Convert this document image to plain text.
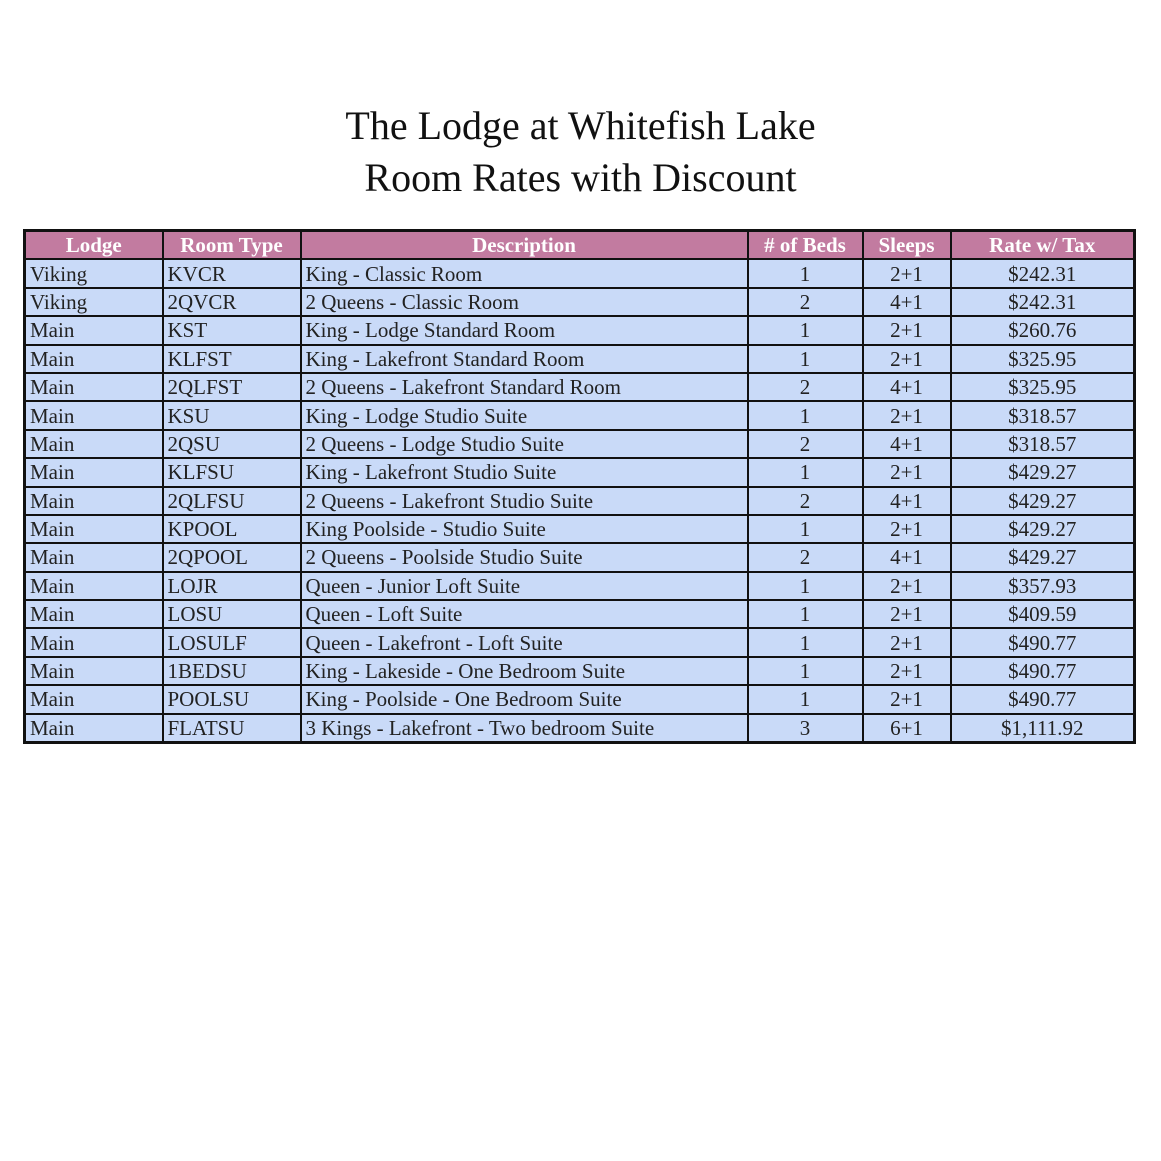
The Lodge at Whitefish Lake
Room Rates with Discount
Lodge	Room Type	Description	# of Beds	Sleeps	Rate w/ Tax
Viking	KVCR	King - Classic Room	1	2+1	$242.31
Viking	2QVCR	2 Queens - Classic Room	2	4+1	$242.31
Main	KST	King - Lodge Standard Room	1	2+1	$260.76
Main	KLFST	King - Lakefront Standard Room	1	2+1	$325.95
Main	2QLFST	2 Queens - Lakefront Standard Room	2	4+1	$325.95
Main	KSU	King - Lodge Studio Suite	1	2+1	$318.57
Main	2QSU	2 Queens - Lodge Studio Suite	2	4+1	$318.57
Main	KLFSU	King - Lakefront Studio Suite	1	2+1	$429.27
Main	2QLFSU	2 Queens - Lakefront Studio Suite	2	4+1	$429.27
Main	KPOOL	King Poolside - Studio Suite	1	2+1	$429.27
Main	2QPOOL	2 Queens - Poolside Studio Suite	2	4+1	$429.27
Main	LOJR	Queen - Junior Loft Suite	1	2+1	$357.93
Main	LOSU	Queen - Loft Suite	1	2+1	$409.59
Main	LOSULF	Queen - Lakefront - Loft Suite	1	2+1	$490.77
Main	1BEDSU	King - Lakeside - One Bedroom Suite	1	2+1	$490.77
Main	POOLSU	King - Poolside - One Bedroom Suite	1	2+1	$490.77
Main	FLATSU	3 Kings - Lakefront - Two bedroom Suite	3	6+1	$1,111.92
